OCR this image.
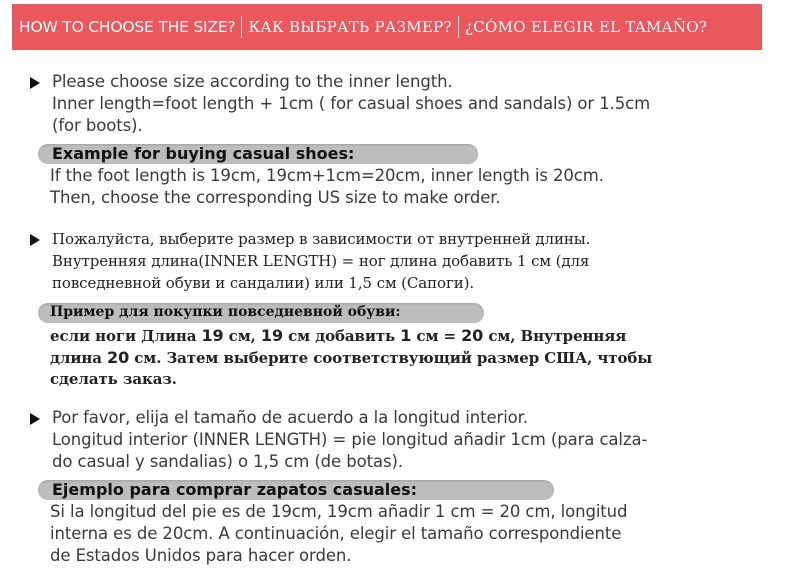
HOW TO CHOOSE THE SIZE? КАК ВЫБРАТЬ РАЗМЕР? ¿CÓMO ELEGIR EL TAMAÑO?
Please choose size according to the inner length.
Inner length=foot length + 1cm ( for casual shoes and sandals) or 1.5cm
(for boots).
Example for buying casual shoes:
If the foot length is 19cm, 19cm+1cm=20cm, inner length is 20cm.
Then, choose the corresponding US size to make order.
Пожалуйста, выберите размер в зависимости от внутренней длины.
Внутренняя длина(INNER LENGTH) = ног длина добавить 1 см (для
повседневной обуви и сандалии) или 1,5 см (Сапоги).
Пример для покупки повседневной обуви:
если ноги Длина 19 см, 19 см добавить 1 см = 20 см, Внутренняя
длина 20 см. Затем выберите соответствующий размер США, чтобы
сделать заказ.
Por favor, elija el tamaño de acuerdo a la longitud interior.
Longitud interior (INNER LENGTH) = pie longitud añadir 1cm (para calza-
do casual y sandalias) o 1,5 cm (de botas).
Ejemplo para comprar zapatos casuales:
Si la longitud del pie es de 19cm, 19cm añadir 1 cm = 20 cm, longitud
interna es de 20cm. A continuación, elegir el tamaño correspondiente
de Estados Unidos para hacer orden.
